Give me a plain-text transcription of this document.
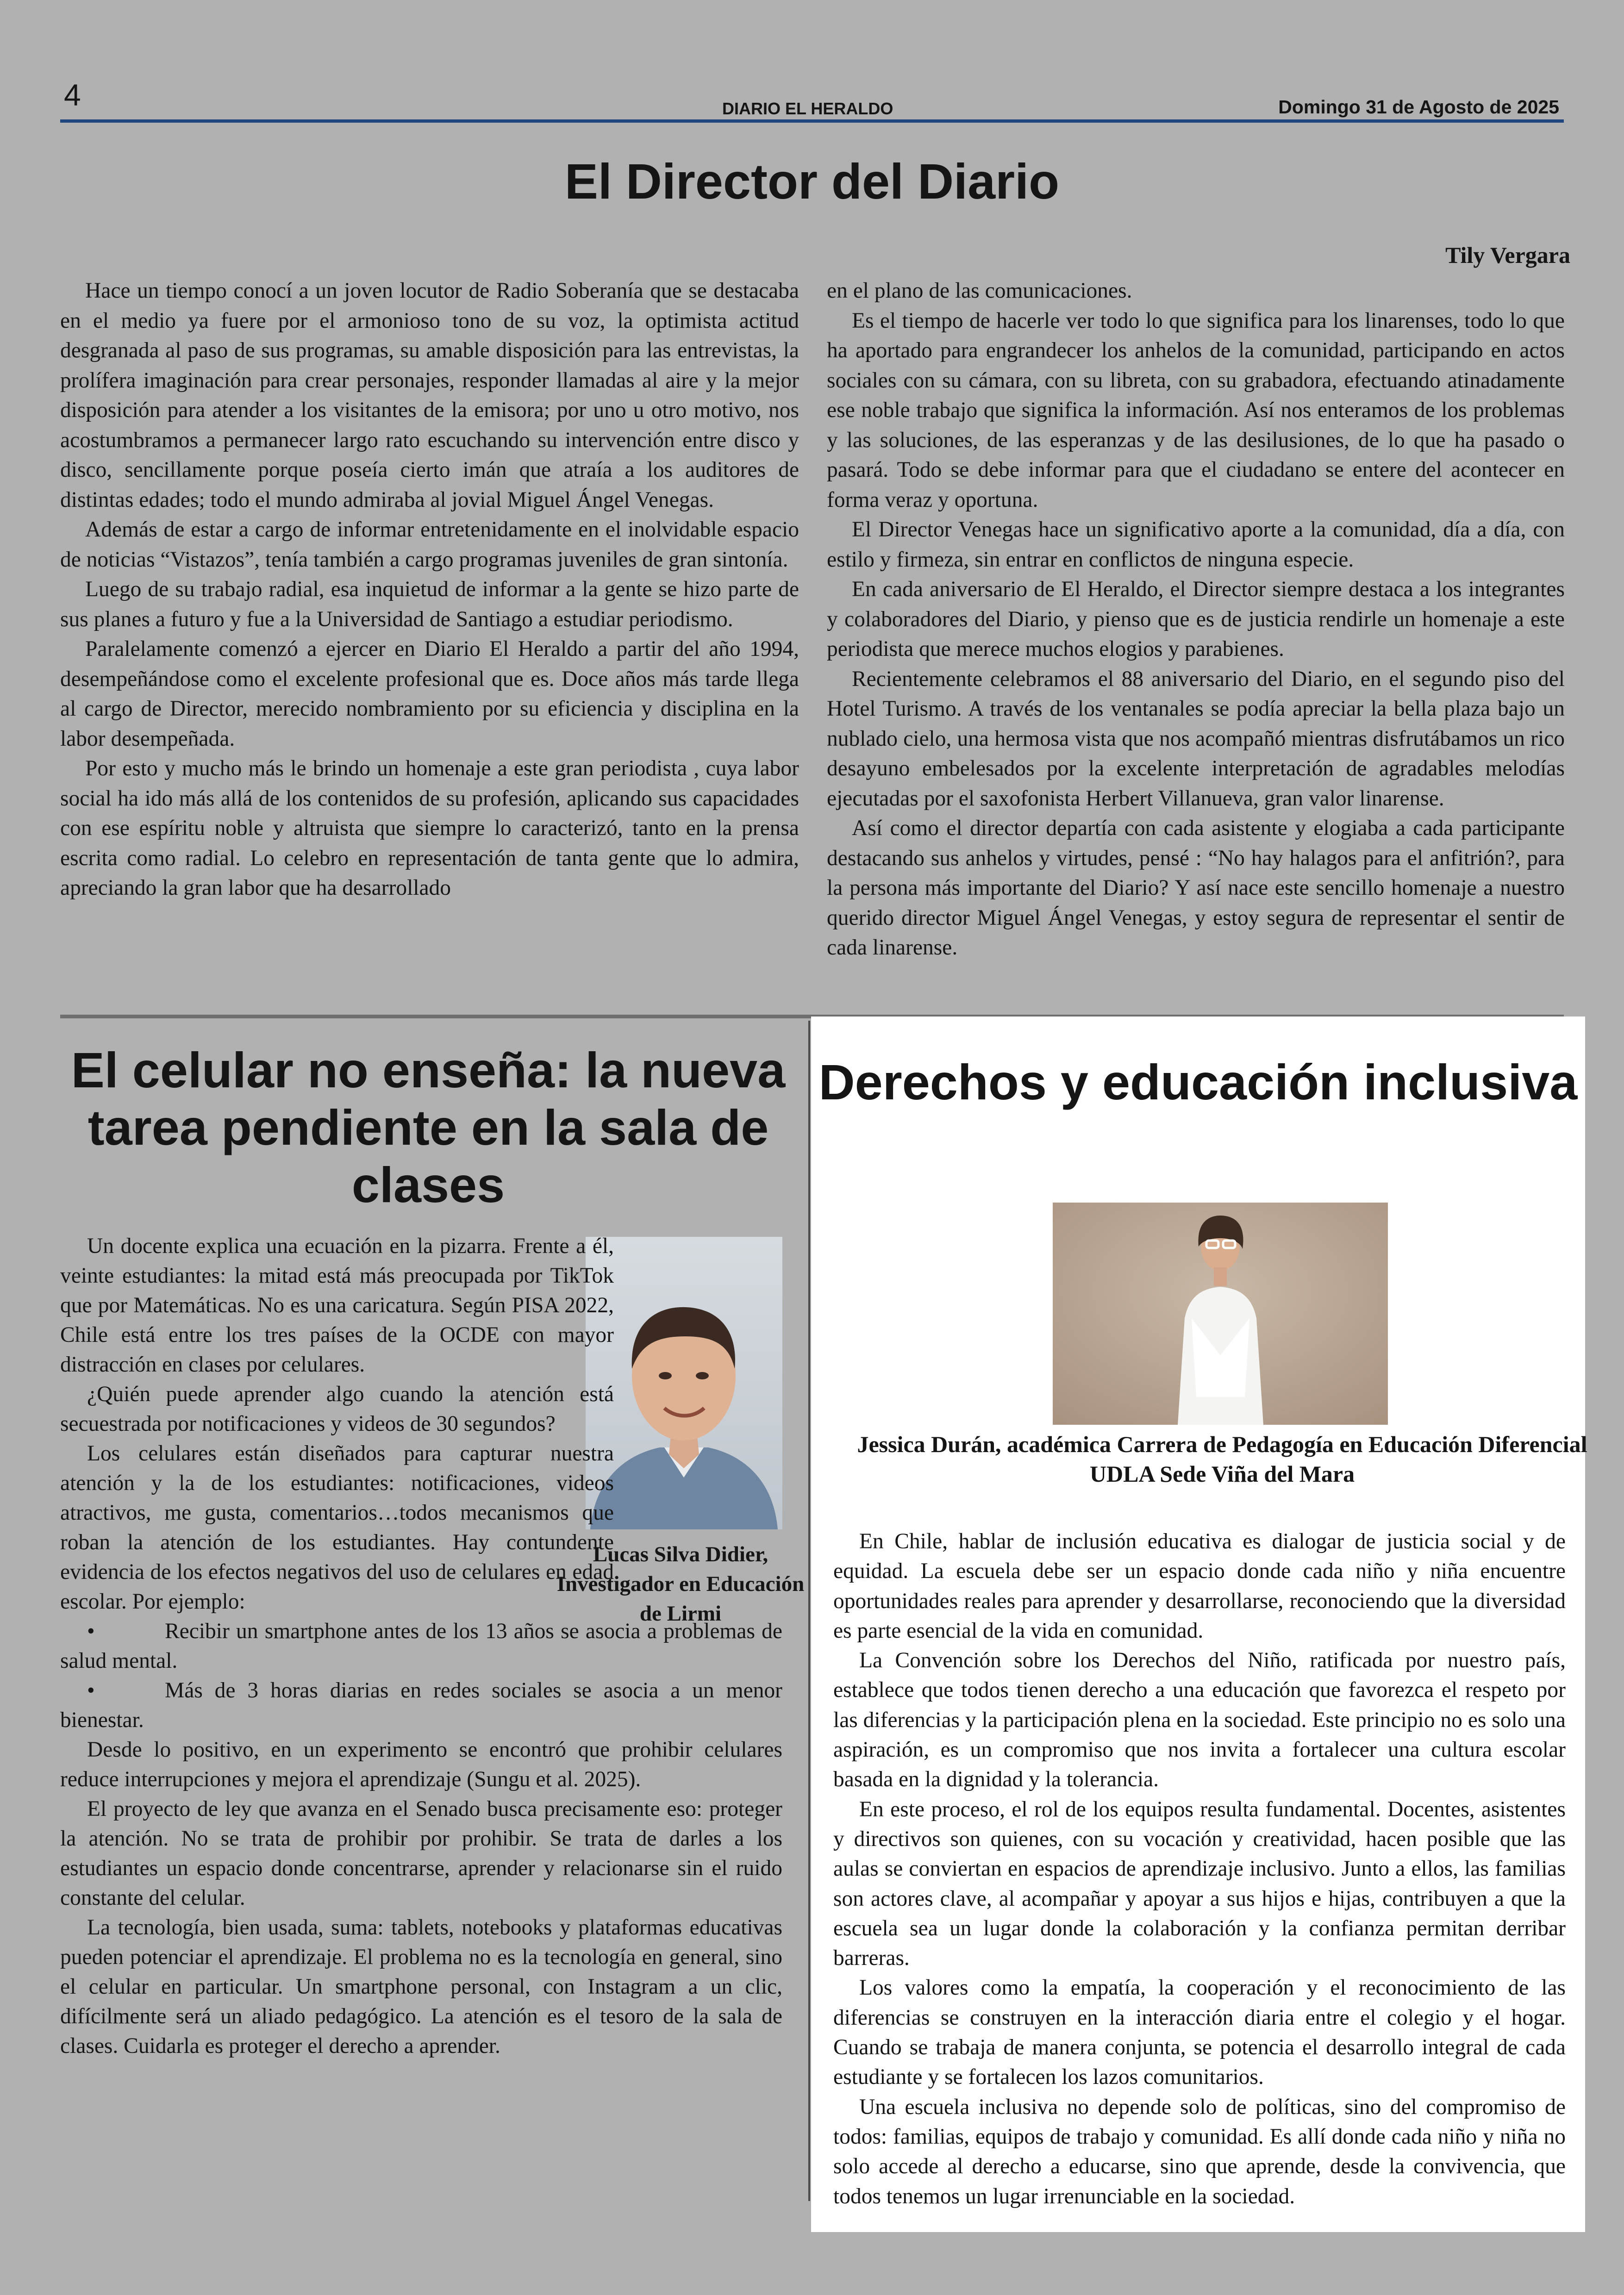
4	DIARIO EL HERALDO	Domingo 31 de Agosto de 2025
El Director del Diario
Tily Vergara

Hace un tiempo conocí a un joven locutor de Radio Soberanía que se destacaba en el medio ya fuere por el armonioso tono de su voz, la optimista actitud desgranada al paso de sus programas, su amable disposición para las entrevistas, la prolífera imaginación para crear personajes, responder llamadas al aire y la mejor disposición para atender a los visitantes de la emisora; por uno u otro motivo, nos acostumbramos a permanecer largo rato escuchando su intervención entre disco y disco, sencillamente porque poseía cierto imán que atraía a los auditores de distintas edades; todo el mundo admiraba al jovial Miguel Ángel Venegas.

Además de estar a cargo de informar entretenidamente en el inolvidable espacio de noticias “Vistazos”, tenía también a cargo programas juveniles de gran sintonía.

Luego de su trabajo radial, esa inquietud de informar a la gente se hizo parte de sus planes a futuro y fue a la Universidad de Santiago a estudiar periodismo.

Paralelamente comenzó a ejercer en Diario El Heraldo a partir del año 1994, desempeñándose como el excelente profesional que es. Doce años más tarde llega al cargo de Director, merecido nombramiento por su eficiencia y disciplina en la labor desempeñada.

Por esto y mucho más le brindo un homenaje a este gran periodista , cuya labor social ha ido más allá de los contenidos de su profesión, aplicando sus capacidades con ese espíritu noble y altruista que siempre lo caracterizó, tanto en la prensa escrita como radial. Lo celebro en representación de tanta gente que lo admira, apreciando la gran labor que ha desarrollado

en el plano de las comunicaciones.

Es el tiempo de hacerle ver todo lo que significa para los linarenses, todo lo que ha aportado para engrandecer los anhelos de la comunidad, participando en actos sociales con su cámara, con su libreta, con su grabadora, efectuando atinadamente ese noble trabajo que significa la información. Así nos enteramos de los problemas y las soluciones, de las esperanzas y de las desilusiones, de lo que ha pasado o pasará. Todo se debe informar para que el ciudadano se entere del acontecer en forma veraz y oportuna.

El Director Venegas hace un significativo aporte a la comunidad, día a día, con estilo y firmeza, sin entrar en conflictos de ninguna especie.

En cada aniversario de El Heraldo, el Director siempre destaca a los integrantes y colaboradores del Diario, y pienso que es de justicia rendirle un homenaje a este periodista que merece muchos elogios y parabienes.

Recientemente celebramos el 88 aniversario del Diario, en el segundo piso del Hotel Turismo. A través de los ventanales se podía apreciar la bella plaza bajo un nublado cielo, una hermosa vista que nos acompañó mientras disfrutábamos un rico desayuno embelesados por la excelente interpretación de agradables melodías ejecutadas por el saxofonista Herbert Villanueva, gran valor linarense.

Así como el director departía con cada asistente y elogiaba a cada participante destacando sus anhelos y virtudes, pensé : “No hay halagos para el anfitrión?, para la persona más importante del Diario? Y así nace este sencillo homenaje a nuestro querido director Miguel Ángel Venegas, y estoy segura de representar el sentir de cada linarense.

El celular no enseña: la nueva tarea pendiente en la sala de clases
Lucas Silva Didier, Investigador en Educación de Lirmi

Un docente explica una ecuación en la pizarra. Frente a él, veinte estudiantes: la mitad está más preocupada por TikTok que por Matemáticas. No es una caricatura. Según PISA 2022, Chile está entre los tres países de la OCDE con mayor distracción en clases por celulares.

¿Quién puede aprender algo cuando la atención está secuestrada por notificaciones y videos de 30 segundos?

Los celulares están diseñados para capturar nuestra atención y la de los estudiantes: notificaciones, videos atractivos, me gusta, comentarios…todos mecanismos que roban la atención de los estudiantes. Hay contundente evidencia de los efectos negativos del uso de celulares en edad escolar. Por ejemplo:

•	Recibir un smartphone antes de los 13 años se asocia a problemas de salud mental.

•	Más de 3 horas diarias en redes sociales se asocia a un menor bienestar.

Desde lo positivo, en un experimento se encontró que prohibir celulares reduce interrupciones y mejora el aprendizaje (Sungu et al. 2025).

El proyecto de ley que avanza en el Senado busca precisamente eso: proteger la atención. No se trata de prohibir por prohibir. Se trata de darles a los estudiantes un espacio donde concentrarse, aprender y relacionarse sin el ruido constante del celular.

La tecnología, bien usada, suma: tablets, notebooks y plataformas educativas pueden potenciar el aprendizaje. El problema no es la tecnología en general, sino el celular en particular. Un smartphone personal, con Instagram a un clic, difícilmente será un aliado pedagógico. La atención es el tesoro de la sala de clases. Cuidarla es proteger el derecho a aprender.

Derechos y educación inclusiva
Jessica Durán, académica Carrera de Pedagogía en Educación Diferencial UDLA Sede Viña del Mara

En Chile, hablar de inclusión educativa es dialogar de justicia social y de equidad. La escuela debe ser un espacio donde cada niño y niña encuentre oportunidades reales para aprender y desarrollarse, reconociendo que la diversidad es parte esencial de la vida en comunidad.

La Convención sobre los Derechos del Niño, ratificada por nuestro país, establece que todos tienen derecho a una educación que favorezca el respeto por las diferencias y la participación plena en la sociedad. Este principio no es solo una aspiración, es un compromiso que nos invita a fortalecer una cultura escolar basada en la dignidad y la tolerancia.

En este proceso, el rol de los equipos resulta fundamental. Docentes, asistentes y directivos son quienes, con su vocación y creatividad, hacen posible que las aulas se conviertan en espacios de aprendizaje inclusivo. Junto a ellos, las familias son actores clave, al acompañar y apoyar a sus hijos e hijas, contribuyen a que la escuela sea un lugar donde la colaboración y la confianza permitan derribar barreras.

Los valores como la empatía, la cooperación y el reconocimiento de las diferencias se construyen en la interacción diaria entre el colegio y el hogar. Cuando se trabaja de manera conjunta, se potencia el desarrollo integral de cada estudiante y se fortalecen los lazos comunitarios.

Una escuela inclusiva no depende solo de políticas, sino del compromiso de todos: familias, equipos de trabajo y comunidad. Es allí donde cada niño y niña no solo accede al derecho a educarse, sino que aprende, desde la convivencia, que todos tenemos un lugar irrenunciable en la sociedad.
